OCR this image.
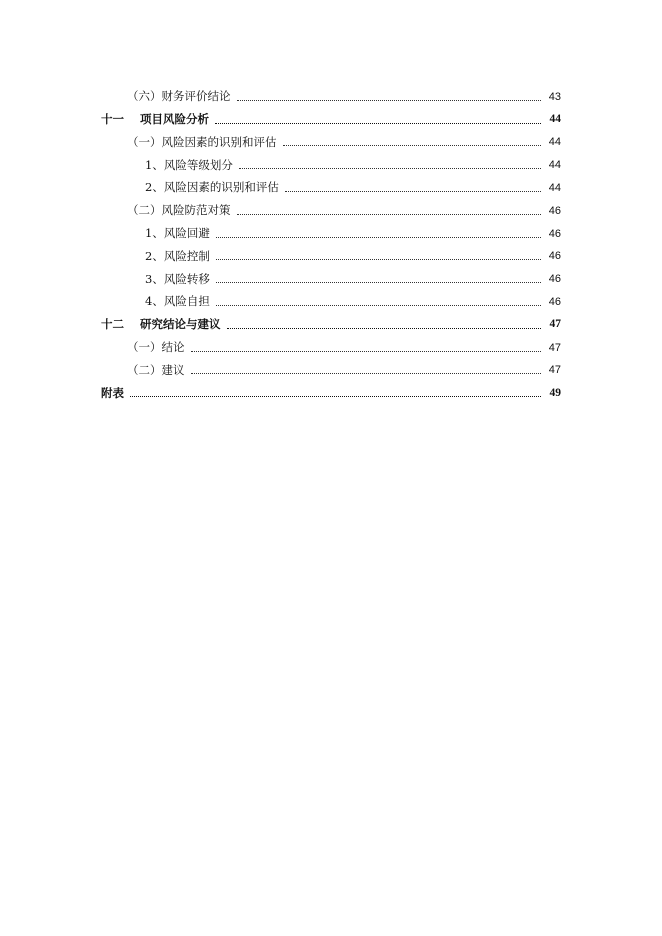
（六）财务评价结论	43
十一 项目风险分析	44
（一）风险因素的识别和评估	44
1、风险等级划分	44
2、风险因素的识别和评估	44
（二）风险防范对策	46
1、风险回避	46
2、风险控制	46
3、风险转移	46
4、风险自担	46
十二 研究结论与建议	47
（一）结论	47
（二）建议	47
附表	49
